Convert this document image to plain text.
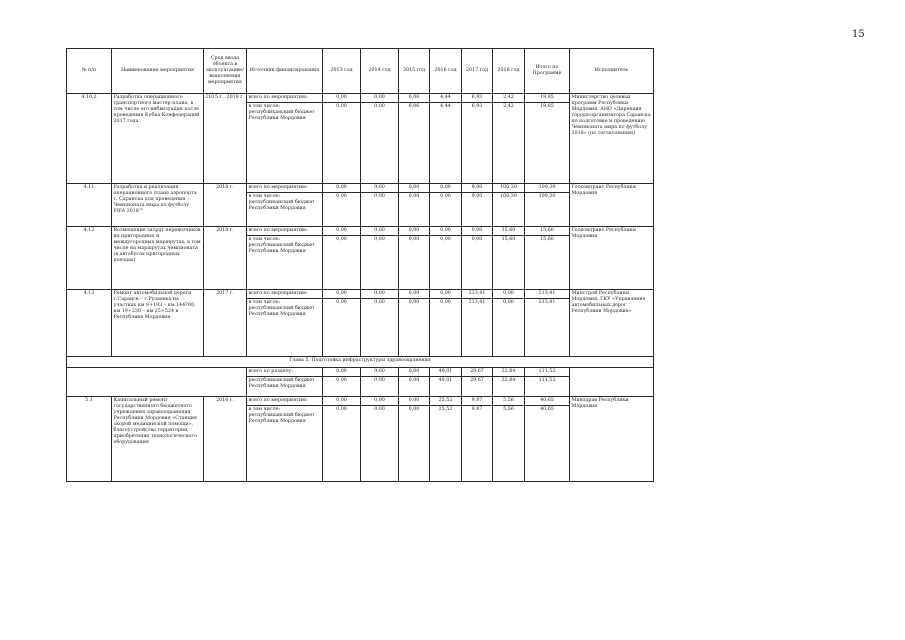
15
№ п/п	Наименование мероприятия	Срок ввода объекта в эксплуатацию/ выполнения мероприятия	Источник финансирования	2013 год	2014 год	2015 год	2016 год	2017 год	2018 год	Итого по Программе	Исполнитель
4.10.2	Разработка операционного транспортного мастер-плана, в том числе его вибвизуация после проведения Кубка Конфедераций 2017 года	2015 г., 2018 г.	всего по мероприятию:	0,00	0,00	6,06	4,44	6,93	2,42	19,85	Министерство целевых программ Республики Мордовия, АНО «Дирекция города-организатора Саранска по подготовке и проведению Чемпионата мира по футболу 2018» (по согласованию)
			в том числе: республиканский бюджет Республики Мордовия	0,00	0,00	6,06	4,44	6,93	2,42	19,85	
4.11	Разработка и реализация операционного плана аэропорта г. Саранска для проведения Чемпионата мира по футболу FIFA 2018™	2018 г.	всего по мероприятию:	0,00	0,00	0,00	0,00	9,00	100,30	109,30	Госкомтранс Республики Мордовия
			в том числе: республиканский бюджет Республики Мордовия	0,00	0,00	0,00	0,00	9,00	100,30	109,30	
4.12	Возмещение затрат перевозчиков на пригородных и междугородных маршрутах, в том числе на маршрутах чемпионата (в автобусах пригородных поездах)	2018 г.	всего по мероприятию:	0,00	0,00	0,00	0,00	0,00	15,60	15,60	Госкомтранс Республики Мордовия
			в том числе: республиканский бюджет Республики Мордовия	0,00	0,00	0,00	0,00	0,00	15,60	15,60	
4.13	Ремонт автомобильной дороги г.Саранск – г.Рузаевка на участках км 8+183 – км 144700, км 19+230 – км 25+524 в Республике Мордовия	2017 г.	всего по мероприятию:	0,00	0,00	0,00	0,00	213,41	0,00	213,41	Минстрой Республики Мордовия, ГКУ «Управление автомобильных дорог Республики Мордовия»
			в том числе: республиканский бюджет Республики Мордовия	0,00	0,00	0,00	0,00	213,41	0,00	213,41	
Глава 5. Подготовка инфраструктуры здравоохранения											
			всего по разделу:	0,00	0,00	0,00	49,01	29,67	32,84	111,52	
			республиканский бюджет Республики Мордовия	0,00	0,00	0,00	49,01	29,67	32,84	111,52	
5.1	Капитальный ремонт государственного бюджетного учреждения здравоохранения Республики Мордовия «Станция скорой медицинской помощи», благоустройство территории, приобретение технологического оборудования	2016 г.	всего по мероприятию:	0,00	0,00	0,00	25,52	9,87	5,56	40,65	Минздрав Республики Мордовия
			в том числе: республиканский бюджет Республики Мордовия	0,00	0,00	0,00	25,52	9,87	5,56	40,65	
